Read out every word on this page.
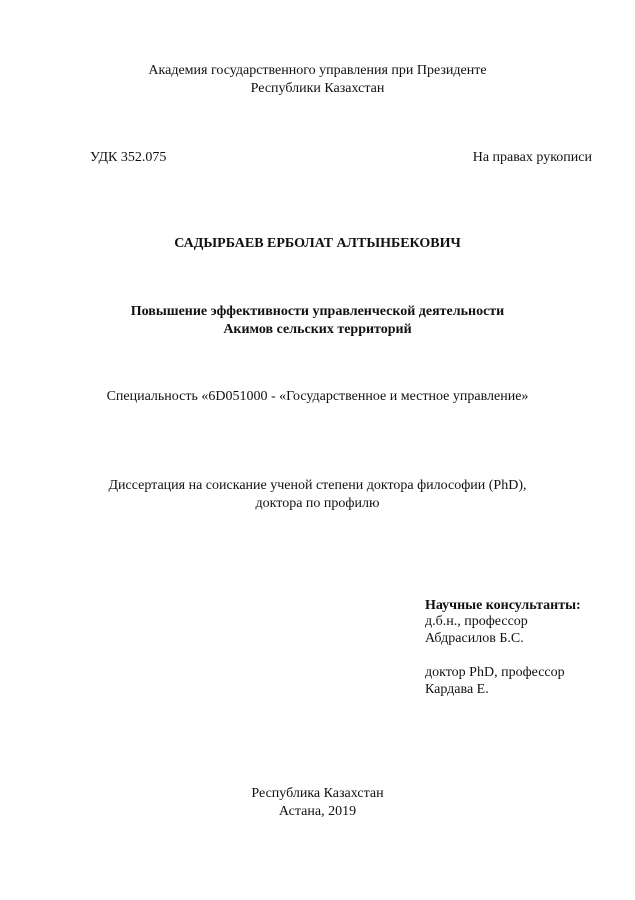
Академия государственного управления при Президенте
Республики Казахстан
УДК 352.075	На правах рукописи
САДЫРБАЕВ ЕРБОЛАТ АЛТЫНБЕКОВИЧ
Повышение эффективности управленческой деятельности
Акимов сельских территорий
Специальность «6D051000 - «Государственное и местное управление»
Диссертация на соискание ученой степени доктора философии (PhD),
доктора по профилю
Научные консультанты:
д.б.н., профессор
Абдрасилов Б.С.
доктор PhD, профессор
Кардава Е.
Республика Казахстан
Астана, 2019
